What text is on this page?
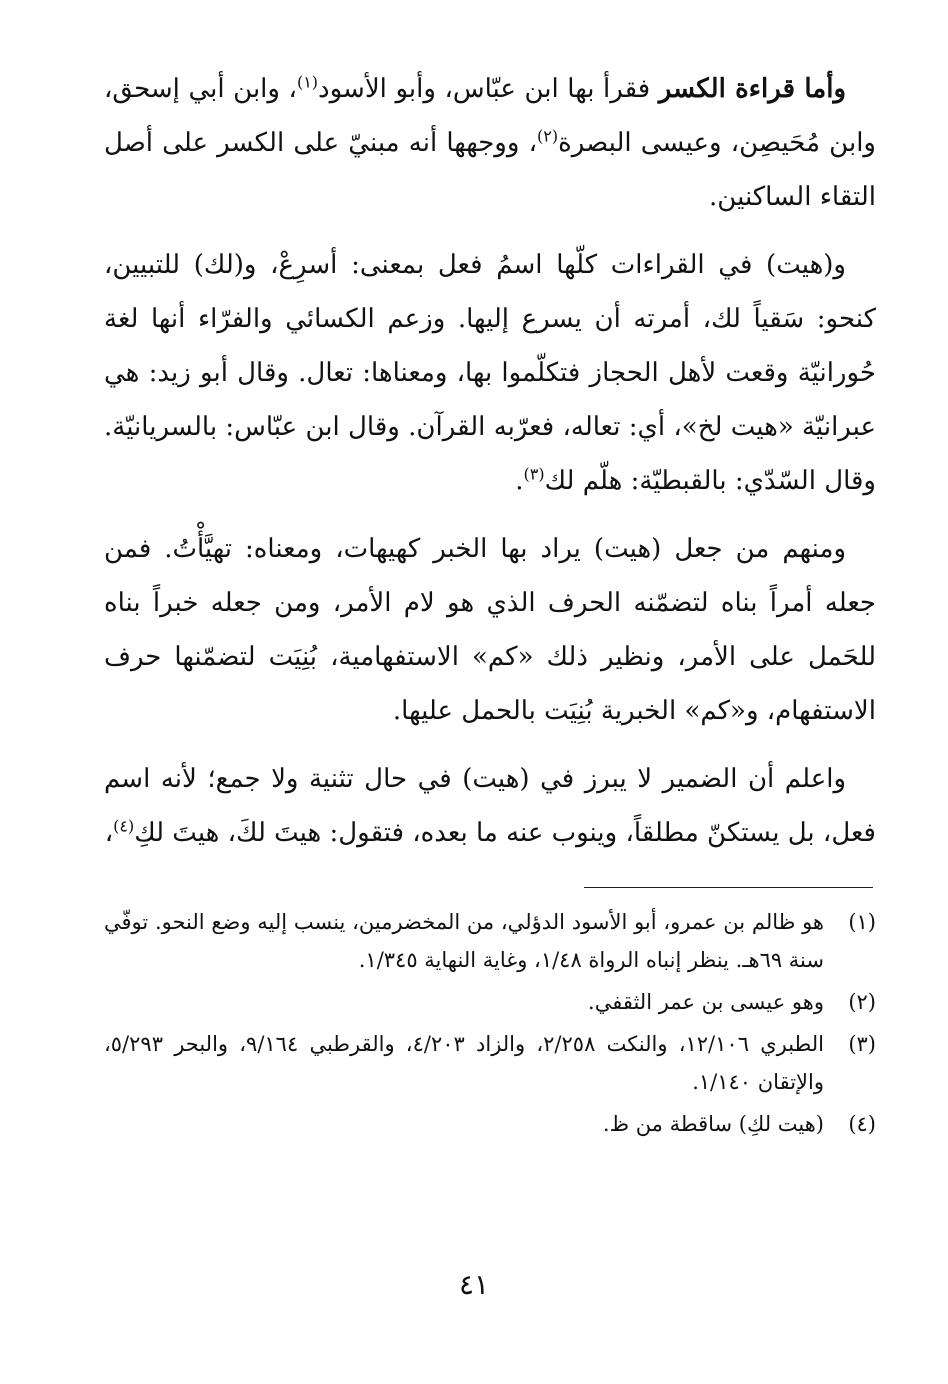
وأما قراءة الكسر فقرأ بها ابن عبّاس، وأبو الأسود$^{(١)}$، وابن أبي إسحق، وابن مُحَيصِن، وعيسى البصرة$^{(٢)}$، ووجهها أنه مبنيّ على الكسر على أصل التقاء الساكنين.

و(هيت) في القراءات كلّها اسمُ فعل بمعنى: أسرِعْ، و(لك) للتبيين، كنحو: سَقياً لك، أمرته أن يسرع إليها. وزعم الكسائي والفرّاء أنها لغة حُورانيّة وقعت لأهل الحجاز فتكلّموا بها، ومعناها: تعال. وقال أبو زيد: هي عبرانيّة «هيت لخ»، أي: تعاله، فعرّبه القرآن. وقال ابن عبّاس: بالسريانيّة. وقال السّدّي: بالقبطيّة: هلّم لك$^{(٣)}$.

ومنهم من جعل (هيت) يراد بها الخبر كهيهات، ومعناه: تهيَّأْتُ. فمن جعله أمراً بناه لتضمّنه الحرف الذي هو لام الأمر، ومن جعله خبراً بناه للحَمل على الأمر، ونظير ذلك «كم» الاستفهامية، بُنِيَت لتضمّنها حرف الاستفهام، و«كم» الخبرية بُنِيَت بالحمل عليها.

واعلم أن الضمير لا يبرز في (هيت) في حال تثنية ولا جمع؛ لأنه اسم فعل، بل يستكنّ مطلقاً، وينوب عنه ما بعده، فتقول: هيتَ لكَ، هيتَ لكِ$^{(٤)}$،

(١)
هو ظالم بن عمرو، أبو الأسود الدؤلي، من المخضرمين، ينسب إليه وضع النحو. توفّي سنة ٦٩هـ. ينظر إنباه الرواة ١/٤٨، وغاية النهاية ١/٣٤٥.
(٢)
وهو عيسى بن عمر الثقفي.
(٣)
الطبري ١٢/١٠٦، والنكت ٢/٢٥٨، والزاد ٤/٢٠٣، والقرطبي ٩/١٦٤، والبحر ٥/٢٩٣، والإتقان ١/١٤٠.
(٤)
(هيت لكِ) ساقطة من ظ.
٤١
